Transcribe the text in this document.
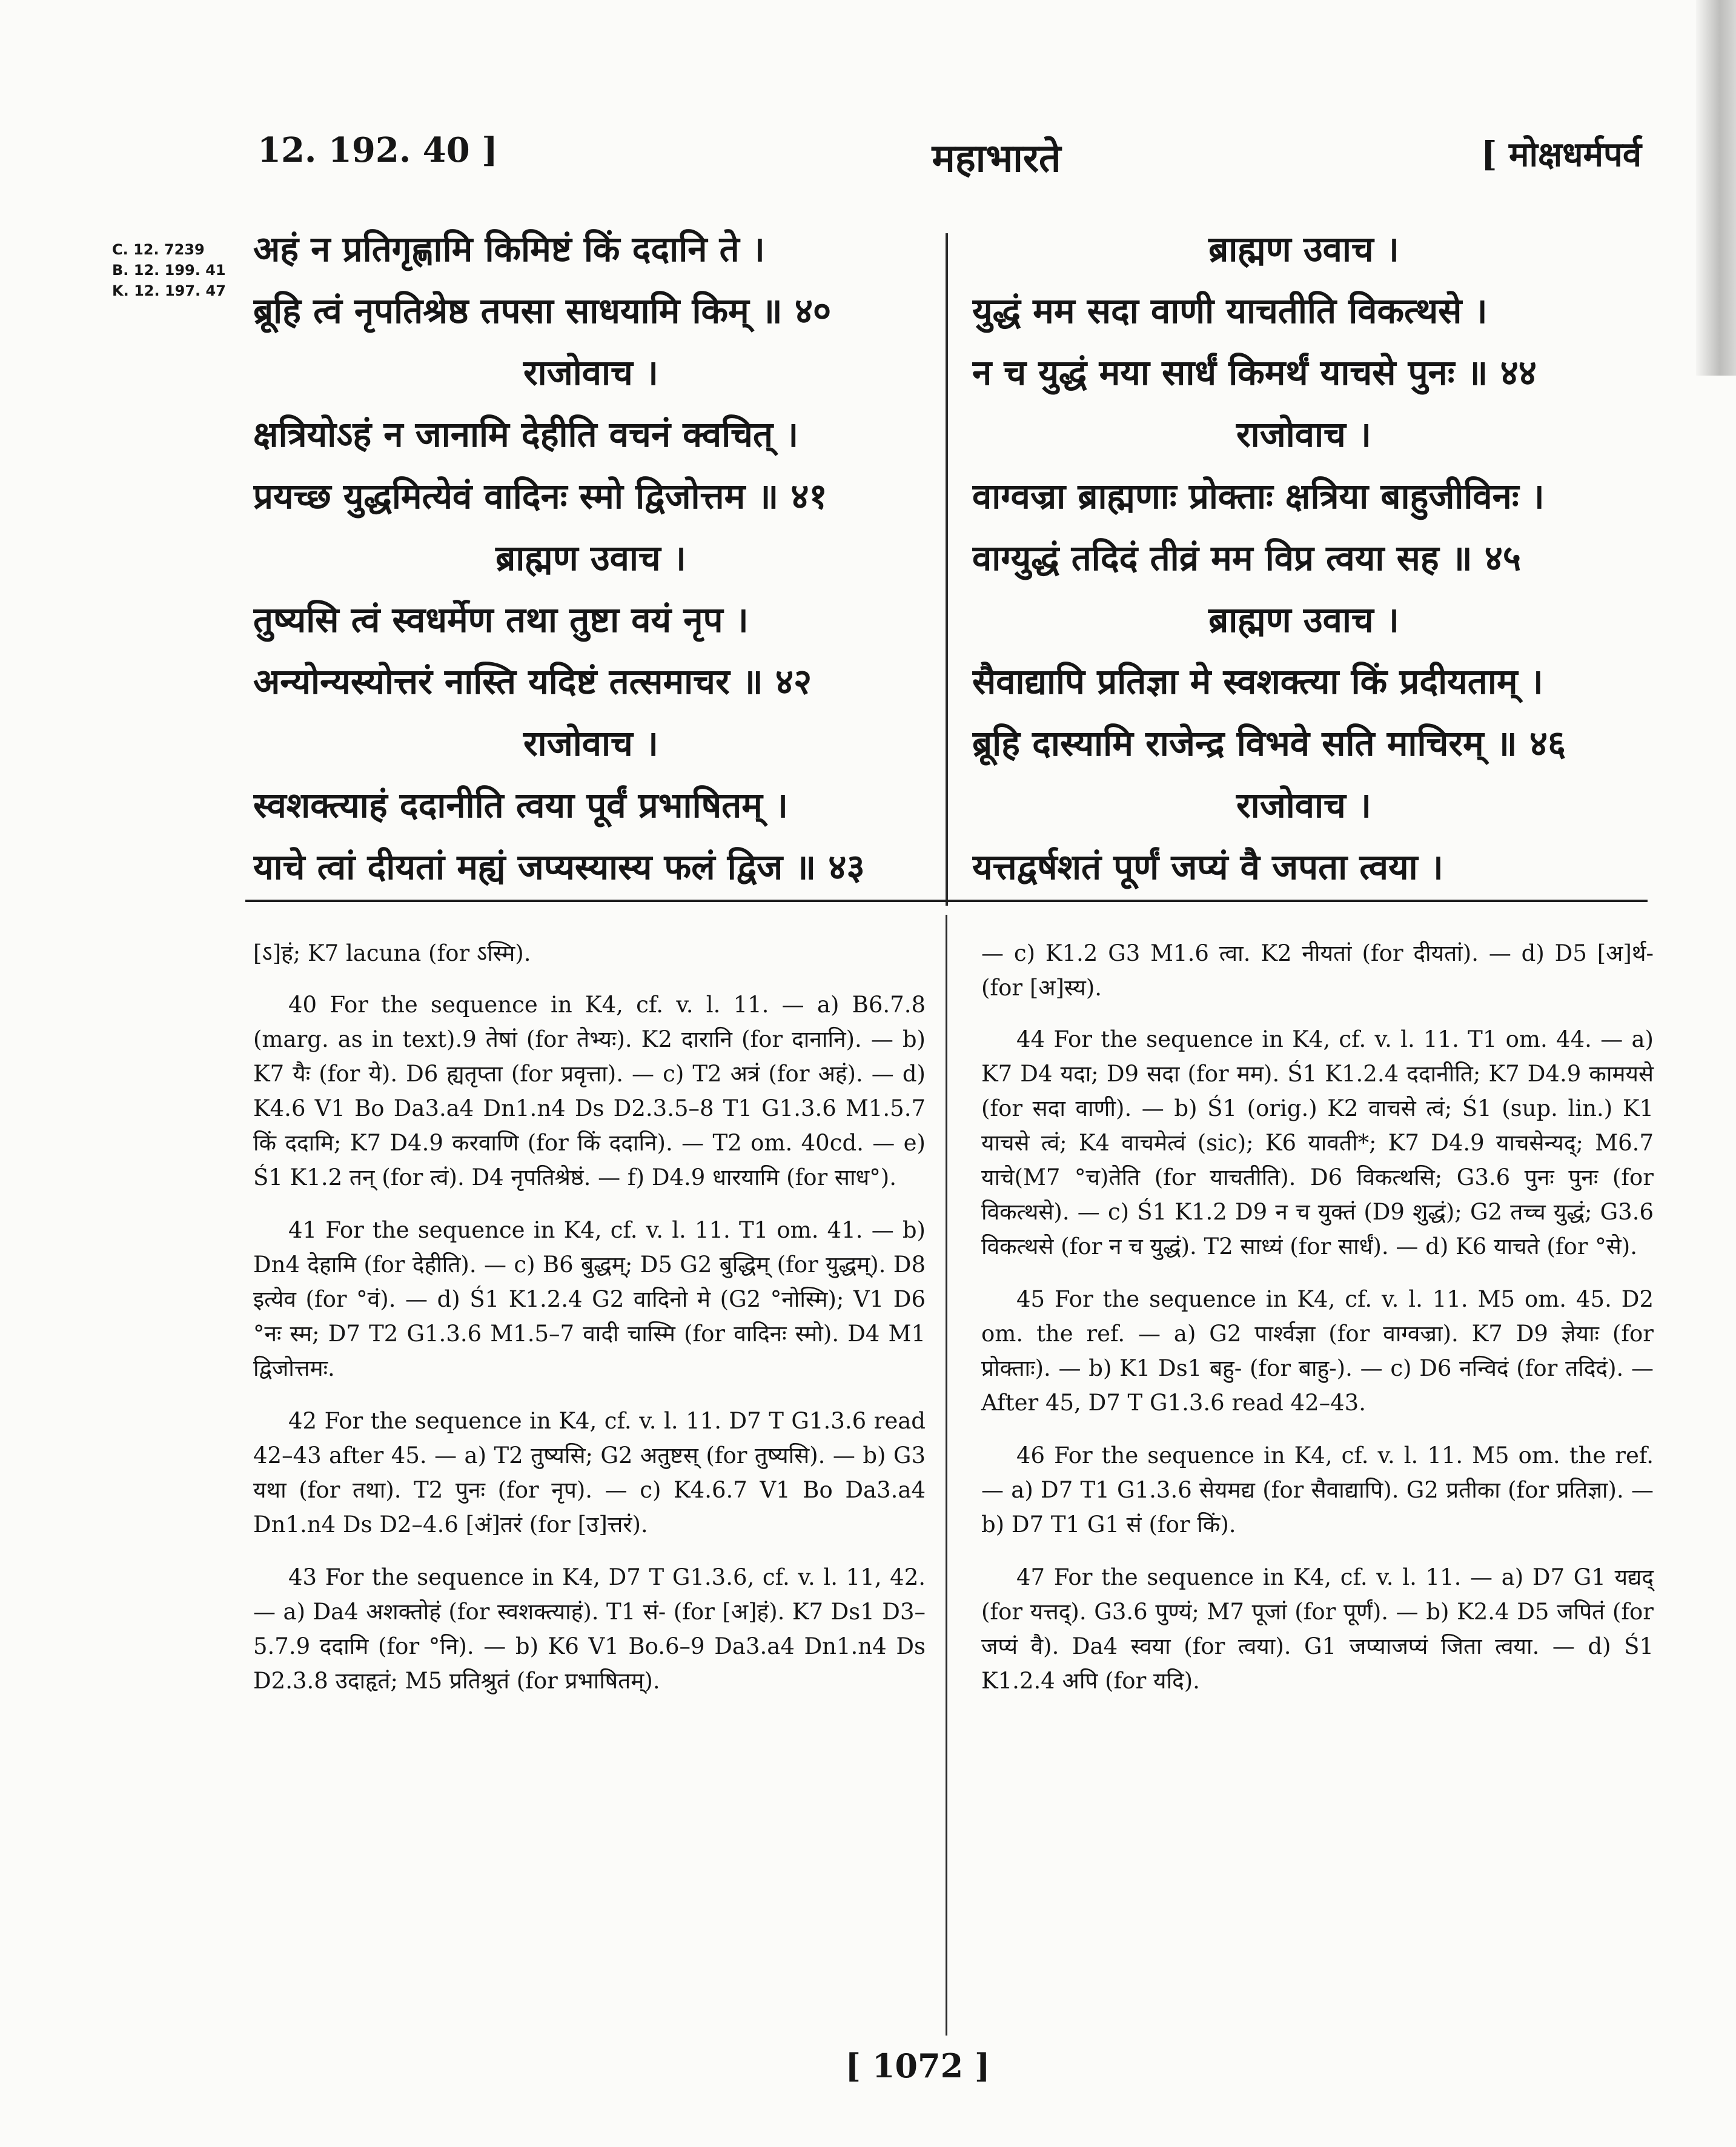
12. 192. 40 ]	महाभारते	[ मोक्षधर्मपर्व
C. 12. 7239
B. 12. 199. 41
K. 12. 197. 47
अहं न प्रतिगृह्णामि किमिष्टं किं ददानि ते ।
ब्रूहि त्वं नृपतिश्रेष्ठ तपसा साधयामि किम् ॥ ४०
राजोवाच ।
क्षत्रियोऽहं न जानामि देहीति वचनं क्वचित् ।
प्रयच्छ युद्धमित्येवं वादिनः स्मो द्विजोत्तम ॥ ४१
ब्राह्मण उवाच ।
तुष्यसि त्वं स्वधर्मेण तथा तुष्टा वयं नृप ।
अन्योन्यस्योत्तरं नास्ति यदिष्टं तत्समाचर ॥ ४२
राजोवाच ।
स्वशक्त्याहं ददानीति त्वया पूर्वं प्रभाषितम् ।
याचे त्वां दीयतां मह्यं जप्यस्यास्य फलं द्विज ॥ ४३
ब्राह्मण उवाच ।
युद्धं मम सदा वाणी याचतीति विकत्थसे ।
न च युद्धं मया सार्धं किमर्थं याचसे पुनः ॥ ४४
राजोवाच ।
वाग्वज्रा ब्राह्मणाः प्रोक्ताः क्षत्रिया बाहुजीविनः ।
वाग्युद्धं तदिदं तीव्रं मम विप्र त्वया सह ॥ ४५
ब्राह्मण उवाच ।
सैवाद्यापि प्रतिज्ञा मे स्वशक्त्या किं प्रदीयताम् ।
ब्रूहि दास्यामि राजेन्द्र विभवे सति माचिरम् ॥ ४६
राजोवाच ।
यत्तद्वर्षशतं पूर्णं जप्यं वै जपता त्वया ।

[ऽ]हं; K7 lacuna (for ऽस्मि).

40 For the sequence in K4, cf. v. l. 11. — a) B6.7.8 (marg. as in text).9 तेषां (for तेभ्यः). K2 दारानि (for दानानि). — b) K7 यैः (for ये). D6 ह्यतृप्ता (for प्रवृत्ता). — c) T2 अत्रं (for अहं). — d) K4.6 V1 Bo Da3.a4 Dn1.n4 Ds D2.3.5–8 T1 G1.3.6 M1.5.7 किं ददामि; K7 D4.9 करवाणि (for किं ददानि). — T2 om. 40cd. — e) Ś1 K1.2 तन् (for त्वं). D4 नृपतिश्रेष्ठं. — f) D4.9 धारयामि (for साध°).

41 For the sequence in K4, cf. v. l. 11. T1 om. 41. — b) Dn4 देहामि (for देहीति). — c) B6 बुद्धम्; D5 G2 बुद्धिम् (for युद्धम्). D8 इत्येव (for °वं). — d) Ś1 K1.2.4 G2 वादिनो मे (G2 °नोस्मि); V1 D6 °नः स्म; D7 T2 G1.3.6 M1.5–7 वादी चास्मि (for वादिनः स्मो). D4 M1 द्विजोत्तमः.

42 For the sequence in K4, cf. v. l. 11. D7 T G1.3.6 read 42–43 after 45. — a) T2 तुष्यसि; G2 अतुष्टस् (for तुष्यसि). — b) G3 यथा (for तथा). T2 पुनः (for नृप). — c) K4.6.7 V1 Bo Da3.a4 Dn1.n4 Ds D2–4.6 [अं]तरं (for [उ]त्तरं).

43 For the sequence in K4, D7 T G1.3.6, cf. v. l. 11, 42. — a) Da4 अशक्तोहं (for स्वशक्त्याहं). T1 सं- (for [अ]हं). K7 Ds1 D3–5.7.9 ददामि (for °नि). — b) K6 V1 Bo.6–9 Da3.a4 Dn1.n4 Ds D2.3.8 उदाहृतं; M5 प्रतिश्रुतं (for प्रभाषितम्).

— c) K1.2 G3 M1.6 त्वा. K2 नीयतां (for दीयतां). — d) D5 [अ]र्थ- (for [अ]स्य).

44 For the sequence in K4, cf. v. l. 11. T1 om. 44. — a) K7 D4 यदा; D9 सदा (for मम). Ś1 K1.2.4 ददानीति; K7 D4.9 कामयसे (for सदा वाणी). — b) Ś1 (orig.) K2 वाचसे त्वं; Ś1 (sup. lin.) K1 याचसे त्वं; K4 वाचमेत्वं (sic); K6 यावती*; K7 D4.9 याचसेन्यद्; M6.7 याचे(M7 °च)तेति (for याचतीति). D6 विकत्थसि; G3.6 पुनः पुनः (for विकत्थसे). — c) Ś1 K1.2 D9 न च युक्तं (D9 शुद्धं); G2 तच्च युद्धं; G3.6 विकत्थसे (for न च युद्धं). T2 साध्यं (for सार्धं). — d) K6 याचते (for °से).

45 For the sequence in K4, cf. v. l. 11. M5 om. 45. D2 om. the ref. — a) G2 पार्श्वज्ञा (for वाग्वज्रा). K7 D9 ज्ञेयाः (for प्रोक्ताः). — b) K1 Ds1 बहु- (for बाहु-). — c) D6 नन्विदं (for तदिदं). — After 45, D7 T G1.3.6 read 42–43.

46 For the sequence in K4, cf. v. l. 11. M5 om. the ref. — a) D7 T1 G1.3.6 सेयमद्य (for सैवाद्यापि). G2 प्रतीका (for प्रतिज्ञा). — b) D7 T1 G1 सं (for किं).

47 For the sequence in K4, cf. v. l. 11. — a) D7 G1 यद्यद् (for यत्तद्). G3.6 पुण्यं; M7 पूजां (for पूर्णं). — b) K2.4 D5 जपितं (for जप्यं वै). Da4 स्वया (for त्वया). G1 जप्याजप्यं जिता त्वया. — d) Ś1 K1.2.4 अपि (for यदि).

[ 1072 ]
